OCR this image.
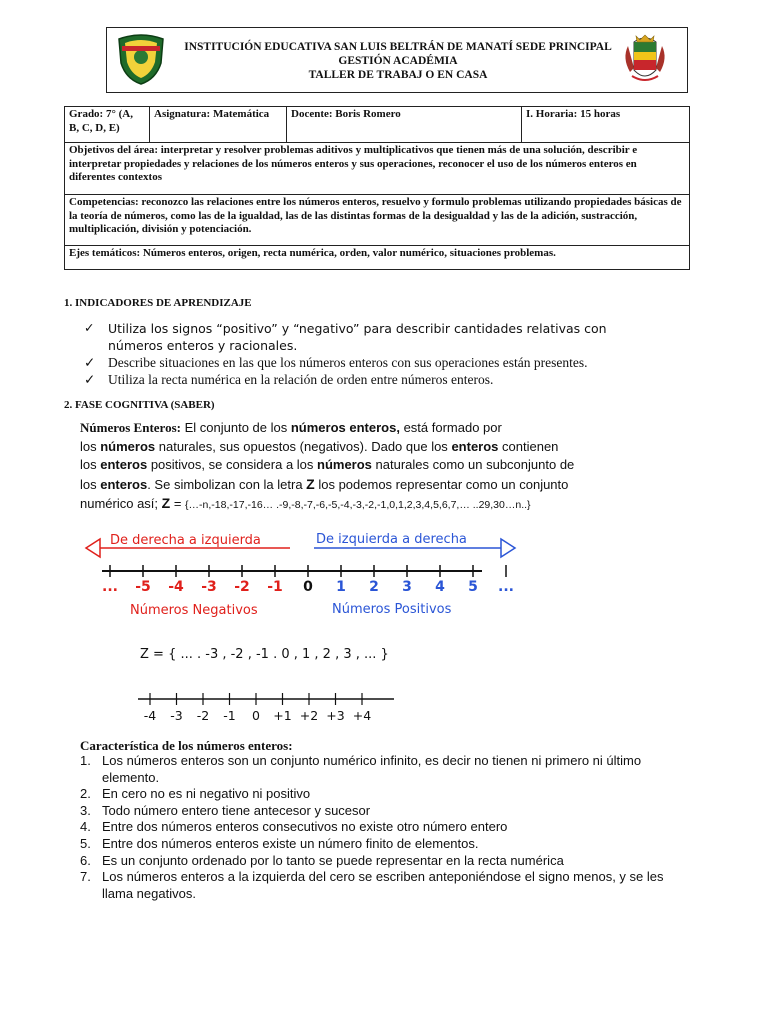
INSTITUCIÓN EDUCATIVA SAN LUIS BELTRÁN DE MANATÍ SEDE PRINCIPAL
GESTIÓN ACADÉMIA
TALLER DE TRABAJ O EN CASA
Grado: 7° (A, B, C, D, E)	Asignatura: Matemática	Docente: Boris Romero	I. Horaria: 15 horas
Objetivos del área: interpretar y resolver problemas aditivos y multiplicativos que tienen más de una solución, describir e interpretar propiedades y relaciones de los números enteros y sus operaciones, reconocer el uso de los números enteros en diferentes contextos
Competencias: reconozco las relaciones entre los números enteros, resuelvo y formulo problemas utilizando propiedades básicas de la teoría de números, como las de la igualdad, las de las distintas formas de la desigualdad y las de la adición, sustracción, multiplicación, división y potenciación.
Ejes temáticos: Números enteros, origen, recta numérica, orden, valor numérico, situaciones problemas.
1. INDICADORES DE APRENDIZAJE
✓ Utiliza los signos “positivo” y “negativo” para describir cantidades relativas con números enteros y racionales.
✓ Describe situaciones en las que los números enteros con sus operaciones están presentes.
✓ Utiliza la recta numérica en la relación de orden entre números enteros.
2. FASE COGNITIVA (SABER)
Números Enteros: El conjunto de los números enteros, está formado por
los números naturales, sus opuestos (negativos). Dado que los enteros contienen
los enteros positivos, se considera a los números naturales como un subconjunto de
los enteros. Se simbolizan con la letra Z los podemos representar como un conjunto
numérico así; Z = {…-n,-18,-17,-16… .-9,-8,-7,-6,-5,-4,-3,-2,-1,0,1,2,3,4,5,6,7,… ..29,30…n..}
De derecha a izquierda	De izquierda a derecha
... -5 -4 -3 -2 -1 0 1 2 3 4 5 ...
Números Negativos	Números Positivos
Z = { ... . -3 , -2 , -1 . 0 , 1 , 2 , 3 , ... }
-4 -3 -2 -1 0 +1 +2 +3 +4
Característica de los números enteros:
1. Los números enteros son un conjunto numérico infinito, es decir no tienen ni primero ni último elemento.
2. En cero no es ni negativo ni positivo
3. Todo número entero tiene antecesor y sucesor
4. Entre dos números enteros consecutivos no existe otro número entero
5. Entre dos números enteros existe un número finito de elementos.
6. Es un conjunto ordenado por lo tanto se puede representar en la recta numérica
7. Los números enteros a la izquierda del cero se escriben anteponiéndose el signo menos, y se les llama negativos.
